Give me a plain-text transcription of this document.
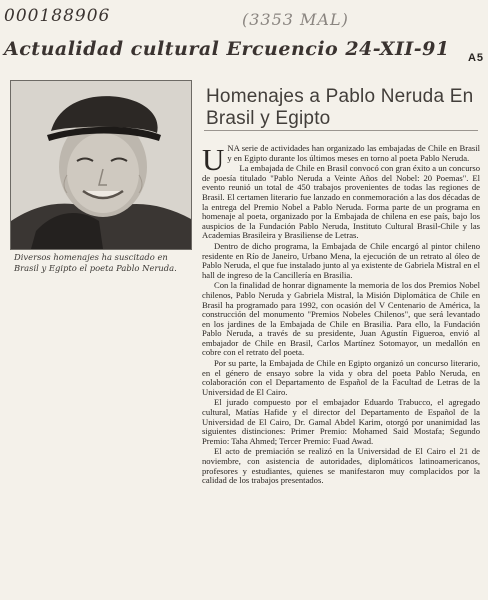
000188906	(3353 MAL)
Actualidad cultural Ercuencio 24-XII-91 A5
Diversos homenajes ha suscitado en Brasil y Egipto el poeta Pablo Neruda.
Homenajes a Pablo Neruda En Brasil y Egipto

UNA serie de actividades han organizado las embajadas de Chile en Brasil y en Egipto durante los últimos meses en torno al poeta Pablo Neruda.

La embajada de Chile en Brasil convocó con gran éxito a un concurso de poesía titulado "Pablo Neruda a Veinte Años del Nobel: 20 Poemas". El evento reunió un total de 450 trabajos provenientes de todas las regiones de Brasil. El certamen literario fue lanzado en conmemoración a las dos décadas de la entrega del Premio Nobel a Pablo Neruda. Forma parte de un programa en homenaje al poeta, organizado por la Embajada de chilena en ese país, bajo los auspicios de la Fundación Pablo Neruda, Instituto Cultural Brasil-Chile y las Academias Brasileira y Brasiliense de Letras.

Dentro de dicho programa, la Embajada de Chile encargó al pintor chileno residente en Río de Janeiro, Urbano Mena, la ejecución de un retrato al óleo de Pablo Neruda, el que fue instalado junto al ya existente de Gabriela Mistral en el hall de ingreso de la Cancillería en Brasilia.

Con la finalidad de honrar dignamente la memoria de los dos Premios Nobel chilenos, Pablo Neruda y Gabriela Mistral, la Misión Diplomática de Chile en Brasil ha programado para 1992, con ocasión del V Centenario de América, la construcción del monumento "Premios Nobeles Chilenos", que será levantado en los jardines de la Embajada de Chile en Brasilia. Para ello, la Fundación Pablo Neruda, a través de su presidente, Juan Agustín Figueroa, envió al embajador de Chile en Brasil, Carlos Martínez Sotomayor, un medallón en cobre con el retrato del poeta.

Por su parte, la Embajada de Chile en Egipto organizó un concurso literario, en el género de ensayo sobre la vida y obra del poeta Pablo Neruda, en colaboración con el Departamento de Español de la Facultad de Letras de la Universidad de El Cairo.

El jurado compuesto por el embajador Eduardo Trabucco, el agregado cultural, Matías Hafide y el director del Departamento de Español de la Universidad de El Cairo, Dr. Gamal Abdel Karim, otorgó por unanimidad las siguientes distinciones: Primer Premio: Mohamed Said Mostafa; Segundo Premio: Taha Ahmed; Tercer Premio: Fuad Awad.

El acto de premiación se realizó en la Universidad de El Cairo el 21 de noviembre, con asistencia de autoridades, diplomáticos latinoamericanos, profesores y estudiantes, quienes se manifestaron muy complacidos por la calidad de los trabajos presentados.
